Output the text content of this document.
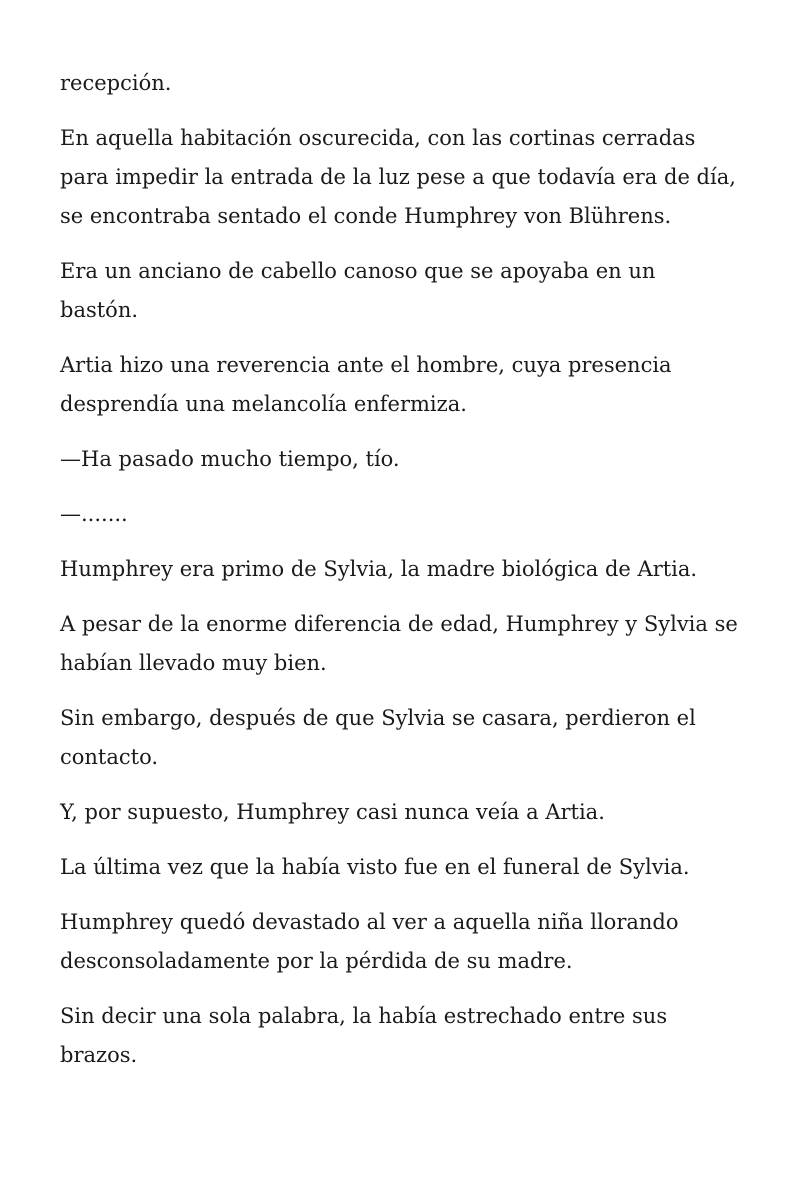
recepción.

En aquella habitación oscurecida, con las cortinas cerradas para impedir la entrada de la luz pese a que todavía era de día, se encontraba sentado el conde Humphrey von Blührens.

Era un anciano de cabello canoso que se apoyaba en un bastón.

Artia hizo una reverencia ante el hombre, cuya presencia desprendía una melancolía enfermiza.

—Ha pasado mucho tiempo, tío.

—.......

Humphrey era primo de Sylvia, la madre biológica de Artia.

A pesar de la enorme diferencia de edad, Humphrey y Sylvia se habían llevado muy bien.

Sin embargo, después de que Sylvia se casara, perdieron el contacto.

Y, por supuesto, Humphrey casi nunca veía a Artia.

La última vez que la había visto fue en el funeral de Sylvia.

Humphrey quedó devastado al ver a aquella niña llorando desconsoladamente por la pérdida de su madre.

Sin decir una sola palabra, la había estrechado entre sus brazos.
